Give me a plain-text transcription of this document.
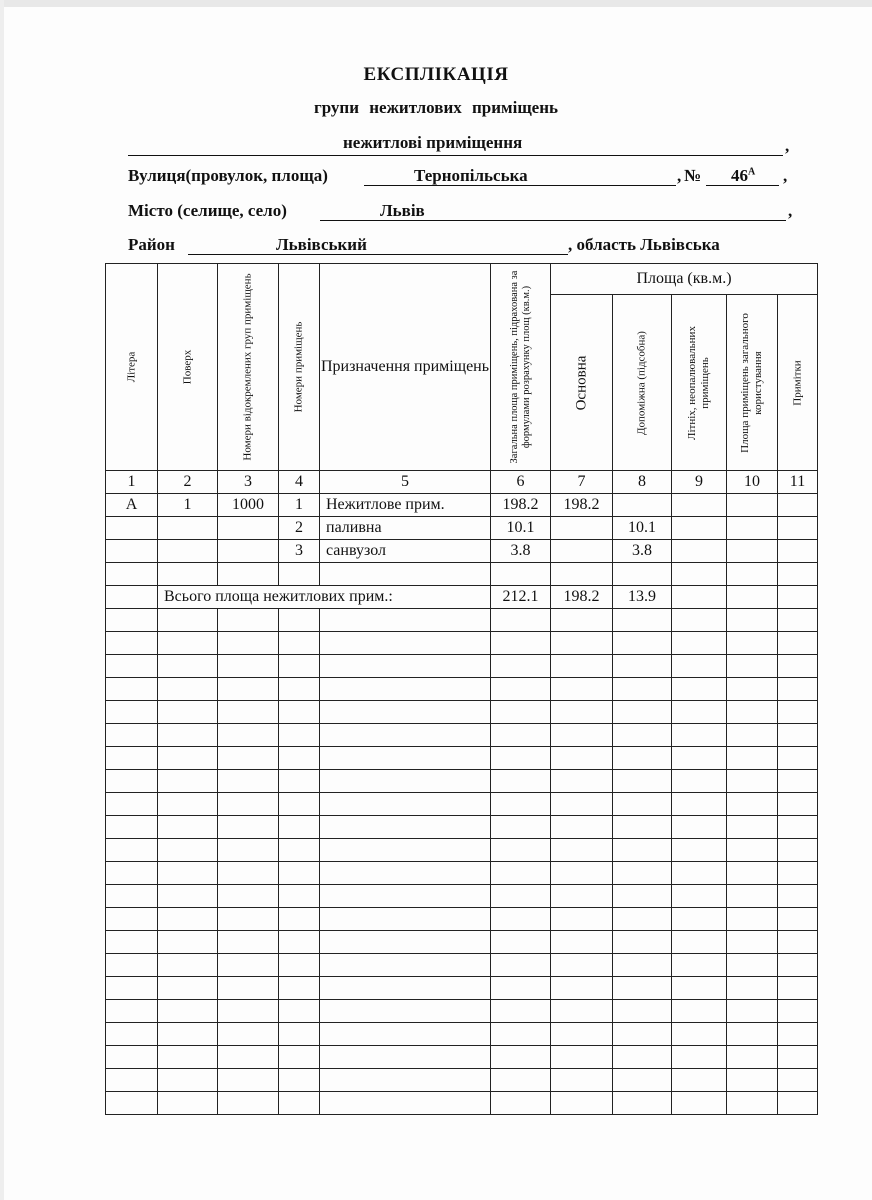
ЕКСПЛІКАЦІЯ
групи нежитлових приміщень
нежитлові приміщення	,
Вулиця(провулок, площа)	Тернопільська	, № $46^А$ ,
Місто (селище, село)	Львів	,
Район	Львівський	, область Львівська
Літера	Поверх	Номери відокремлених груп приміщень	Номери приміщень	Призначення приміщень	Загальна площа приміщень, підрахована за формулами розрахунку площ (кв.м.)	Площа (кв.м.)				

						Основна	Допоміжна (підсобна)	Літніх, неопалювальних приміщень	Площа приміщень загального користування	Примітки

1	2	3	4	5	6	7	8	9	10	11
А	1	1000	1	Нежитлове прим.	198.2	198.2				
			2	паливна	10.1		10.1			
			3	санвузол	3.8		3.8			

	Всього площа нежитлових прим.:				212.1	198.2	13.9			
